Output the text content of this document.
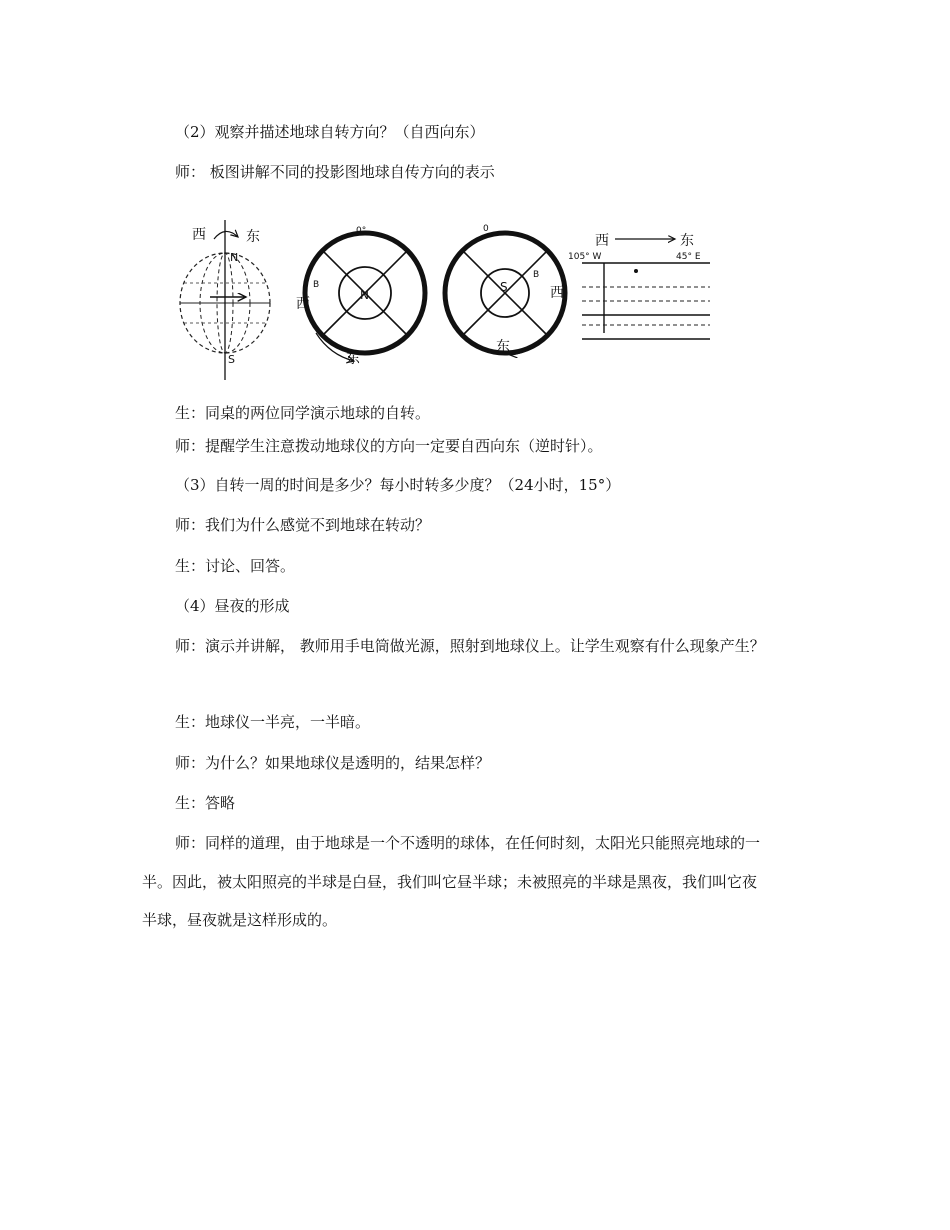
（2）观察并描述地球自转方向？（自西向东）
师： 板图讲解不同的投影图地球自传方向的表示
西	东
N
S
0°
B
N
西
东
0
B
S	西
东
西	东
105° W	45° E
生：同桌的两位同学演示地球的自转。
师：提醒学生注意拨动地球仪的方向一定要自西向东（逆时针）。
（3）自转一周的时间是多少？每小时转多少度？（24小时，15°）
师：我们为什么感觉不到地球在转动？
生：讨论、回答。
（4）昼夜的形成
师：演示并讲解， 教师用手电筒做光源，照射到地球仪上。让学生观察有什么现象产生？
生：地球仪一半亮，一半暗。
师：为什么？如果地球仪是透明的，结果怎样？
生：答略
师：同样的道理，由于地球是一个不透明的球体，在任何时刻，太阳光只能照亮地球的一
半。因此，被太阳照亮的半球是白昼，我们叫它昼半球；未被照亮的半球是黑夜，我们叫它夜
半球，昼夜就是这样形成的。
